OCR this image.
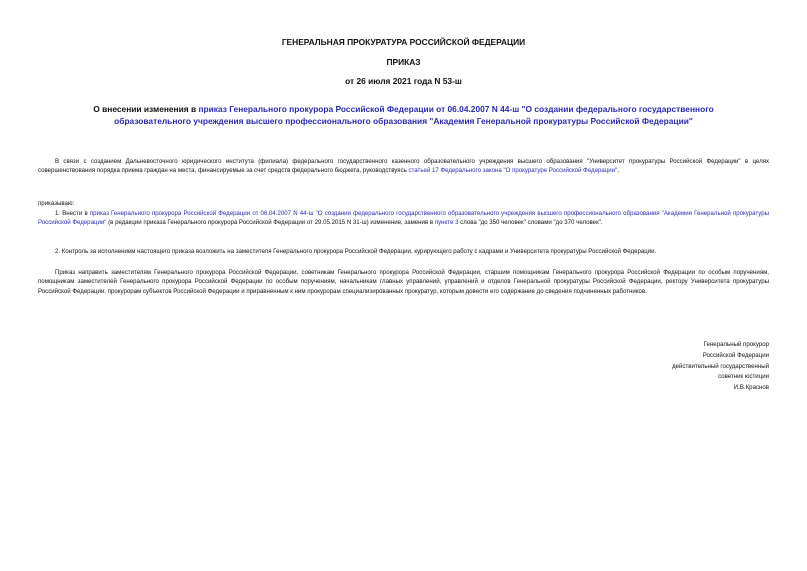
ГЕНЕРАЛЬНАЯ ПРОКУРАТУРА РОССИЙСКОЙ ФЕДЕРАЦИИ
ПРИКАЗ
от 26 июля 2021 года N 53-ш
О внесении изменения в приказ Генерального прокурора Российской Федерации от 06.04.2007 N 44-ш "О создании федерального государственного образовательного учреждения высшего профессионального образования "Академия Генеральной прокуратуры Российской Федерации"
В связи с созданием Дальневосточного юридического института (филиала) федерального государственного казенного образовательного учреждения высшего образования "Университет прокуратуры Российской Федерации" в целях совершенствования порядка приема граждан на места, финансируемые за счет средств федерального бюджета, руководствуясь статьей 17 Федерального закона "О прокуратуре Российской Федерации",
приказываю:
1. Внести в приказ Генерального прокурора Российской Федерации от 06.04.2007 N 44-ш "О создании федерального государственного образовательного учреждения высшего профессионального образования "Академия Генеральной прокуратуры Российской Федерации" (в редакции приказа Генерального прокурора Российской Федерации от 29.05.2015 N 31-ш) изменение, заменив в пункте 3 слова "до 350 человек" словами "до 370 человек".
2. Контроль за исполнением настоящего приказа возложить на заместителя Генерального прокурора Российской Федерации, курирующего работу с кадрами и Университета прокуратуры Российской Федерации.
Приказ направить заместителям Генерального прокурора Российской Федерации, советникам Генерального прокурора Российской Федерации, старшим помощникам Генерального прокурора Российской Федерации по особым поручениям, помощникам заместителей Генерального прокурора Российской Федерации по особым поручениям, начальникам главных управлений, управлений и отделов Генеральной прокуратуры Российской Федерации, ректору Университета прокуратуры Российской Федерации, прокурорам субъектов Российской Федерации и приравненным к ним прокурорам специализированных прокуратур, которым довести его содержание до сведения подчиненных работников.
Генеральный прокурор
Российской Федерации
действительный государственный
советник юстиции
И.В.Краснов
